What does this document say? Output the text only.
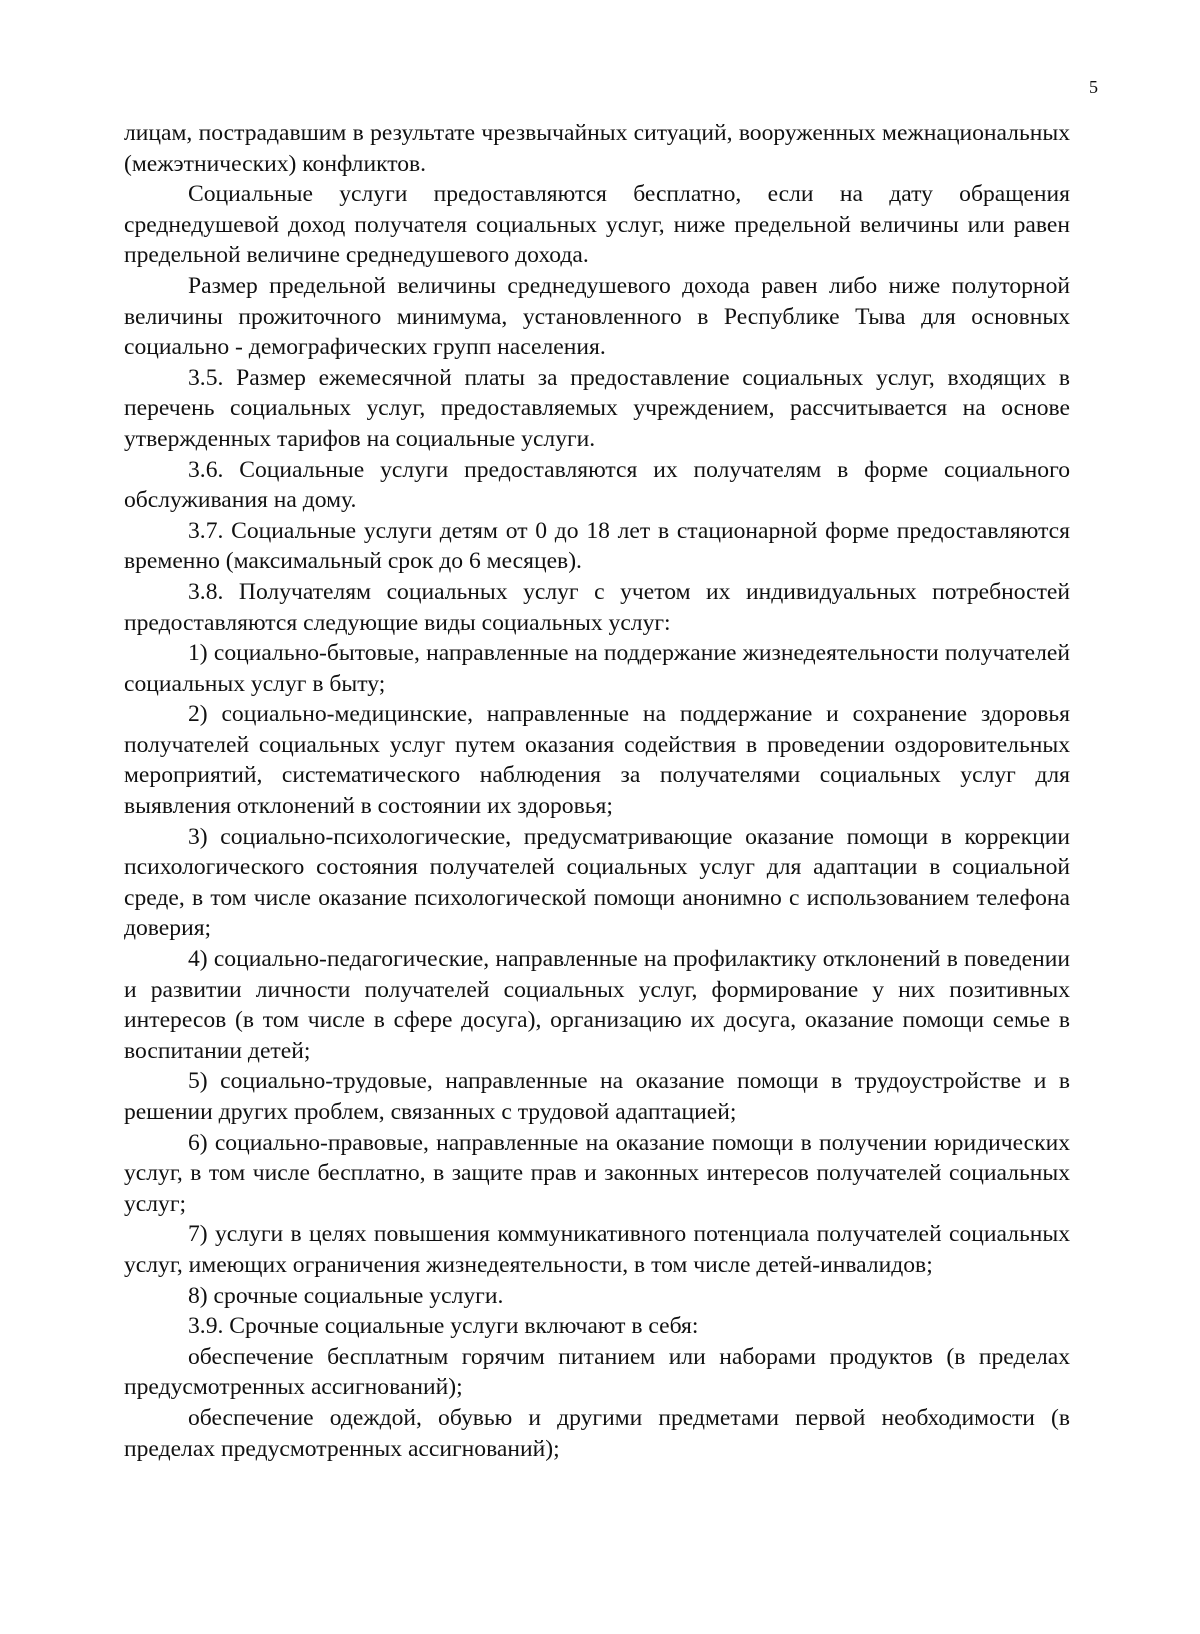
5

лицам, пострадавшим в результате чрезвычайных ситуаций, вооруженных межнациональных (межэтнических) конфликтов.

Социальные услуги предоставляются бесплатно, если на дату обращения среднедушевой доход получателя социальных услуг, ниже предельной величины или равен предельной величине среднедушевого дохода.

Размер предельной величины среднедушевого дохода равен либо ниже полуторной величины прожиточного минимума, установленного в Республике Тыва для основных социально - демографических групп населения.

3.5. Размер ежемесячной платы за предоставление социальных услуг, входящих в перечень социальных услуг, предоставляемых учреждением, рассчитывается на основе утвержденных тарифов на социальные услуги.

3.6. Социальные услуги предоставляются их получателям в форме социального обслуживания на дому.

3.7. Социальные услуги детям от 0 до 18 лет в стационарной форме предоставляются временно (максимальный срок до 6 месяцев).

3.8. Получателям социальных услуг с учетом их индивидуальных потребностей предоставляются следующие виды социальных услуг:

1) социально-бытовые, направленные на поддержание жизнедеятельности получателей социальных услуг в быту;

2) социально-медицинские, направленные на поддержание и сохранение здоровья получателей социальных услуг путем оказания содействия в проведении оздоровительных мероприятий, систематического наблюдения за получателями социальных услуг для выявления отклонений в состоянии их здоровья;

3) социально-психологические, предусматривающие оказание помощи в коррекции психологического состояния получателей социальных услуг для адаптации в социальной среде, в том числе оказание психологической помощи анонимно с использованием телефона доверия;

4) социально-педагогические, направленные на профилактику отклонений в поведении и развитии личности получателей социальных услуг, формирование у них позитивных интересов (в том числе в сфере досуга), организацию их досуга, оказание помощи семье в воспитании детей;

5) социально-трудовые, направленные на оказание помощи в трудоустройстве и в решении других проблем, связанных с трудовой адаптацией;

6) социально-правовые, направленные на оказание помощи в получении юридических услуг, в том числе бесплатно, в защите прав и законных интересов получателей социальных услуг;

7) услуги в целях повышения коммуникативного потенциала получателей социальных услуг, имеющих ограничения жизнедеятельности, в том числе детей-инвалидов;

8) срочные социальные услуги.

3.9. Срочные социальные услуги включают в себя:

обеспечение бесплатным горячим питанием или наборами продуктов (в пределах предусмотренных ассигнований);

обеспечение одеждой, обувью и другими предметами первой необходимости (в пределах предусмотренных ассигнований);
